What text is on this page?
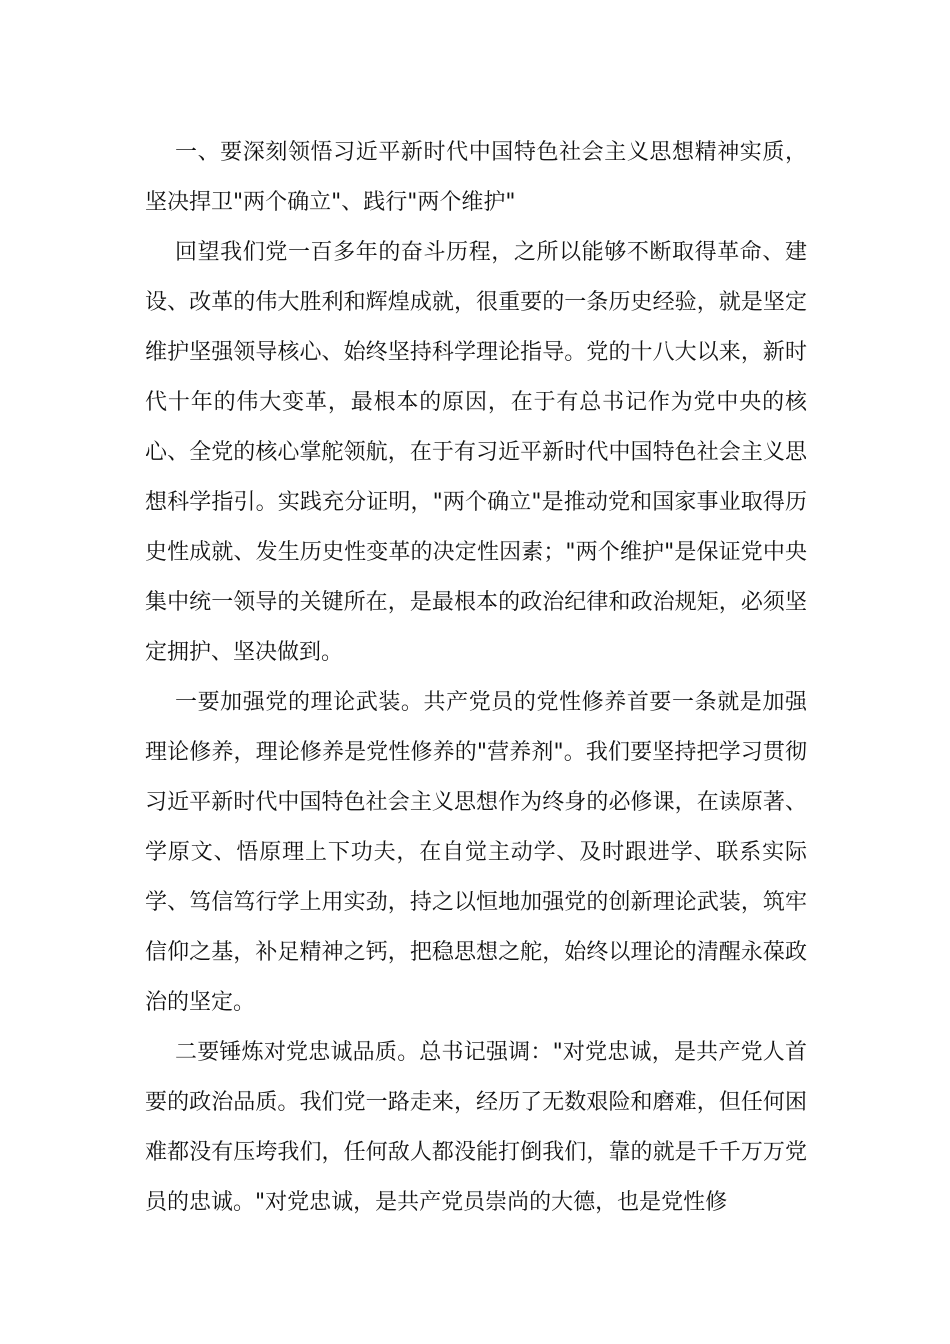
一、要深刻领悟习近平新时代中国特色社会主义思想精神实质，坚决捍卫"两个确立"、践行"两个维护"

回望我们党一百多年的奋斗历程，之所以能够不断取得革命、建设、改革的伟大胜利和辉煌成就，很重要的一条历史经验，就是坚定维护坚强领导核心、始终坚持科学理论指导。党的十八大以来，新时代十年的伟大变革，最根本的原因，在于有总书记作为党中央的核心、全党的核心掌舵领航，在于有习近平新时代中国特色社会主义思想科学指引。实践充分证明，"两个确立"是推动党和国家事业取得历史性成就、发生历史性变革的决定性因素；"两个维护"是保证党中央集中统一领导的关键所在，是最根本的政治纪律和政治规矩，必须坚定拥护、坚决做到。

一要加强党的理论武装。共产党员的党性修养首要一条就是加强理论修养，理论修养是党性修养的"营养剂"。我们要坚持把学习贯彻习近平新时代中国特色社会主义思想作为终身的必修课，在读原著、学原文、悟原理上下功夫，在自觉主动学、及时跟进学、联系实际学、笃信笃行学上用实劲，持之以恒地加强党的创新理论武装，筑牢信仰之基，补足精神之钙，把稳思想之舵，始终以理论的清醒永葆政治的坚定。

二要锤炼对党忠诚品质。总书记强调："对党忠诚，是共产党人首要的政治品质。我们党一路走来，经历了无数艰险和磨难，但任何困难都没有压垮我们，任何敌人都没能打倒我们，靠的就是千千万万党员的忠诚。"对党忠诚，是共产党员崇尚的大德，也是党性修
